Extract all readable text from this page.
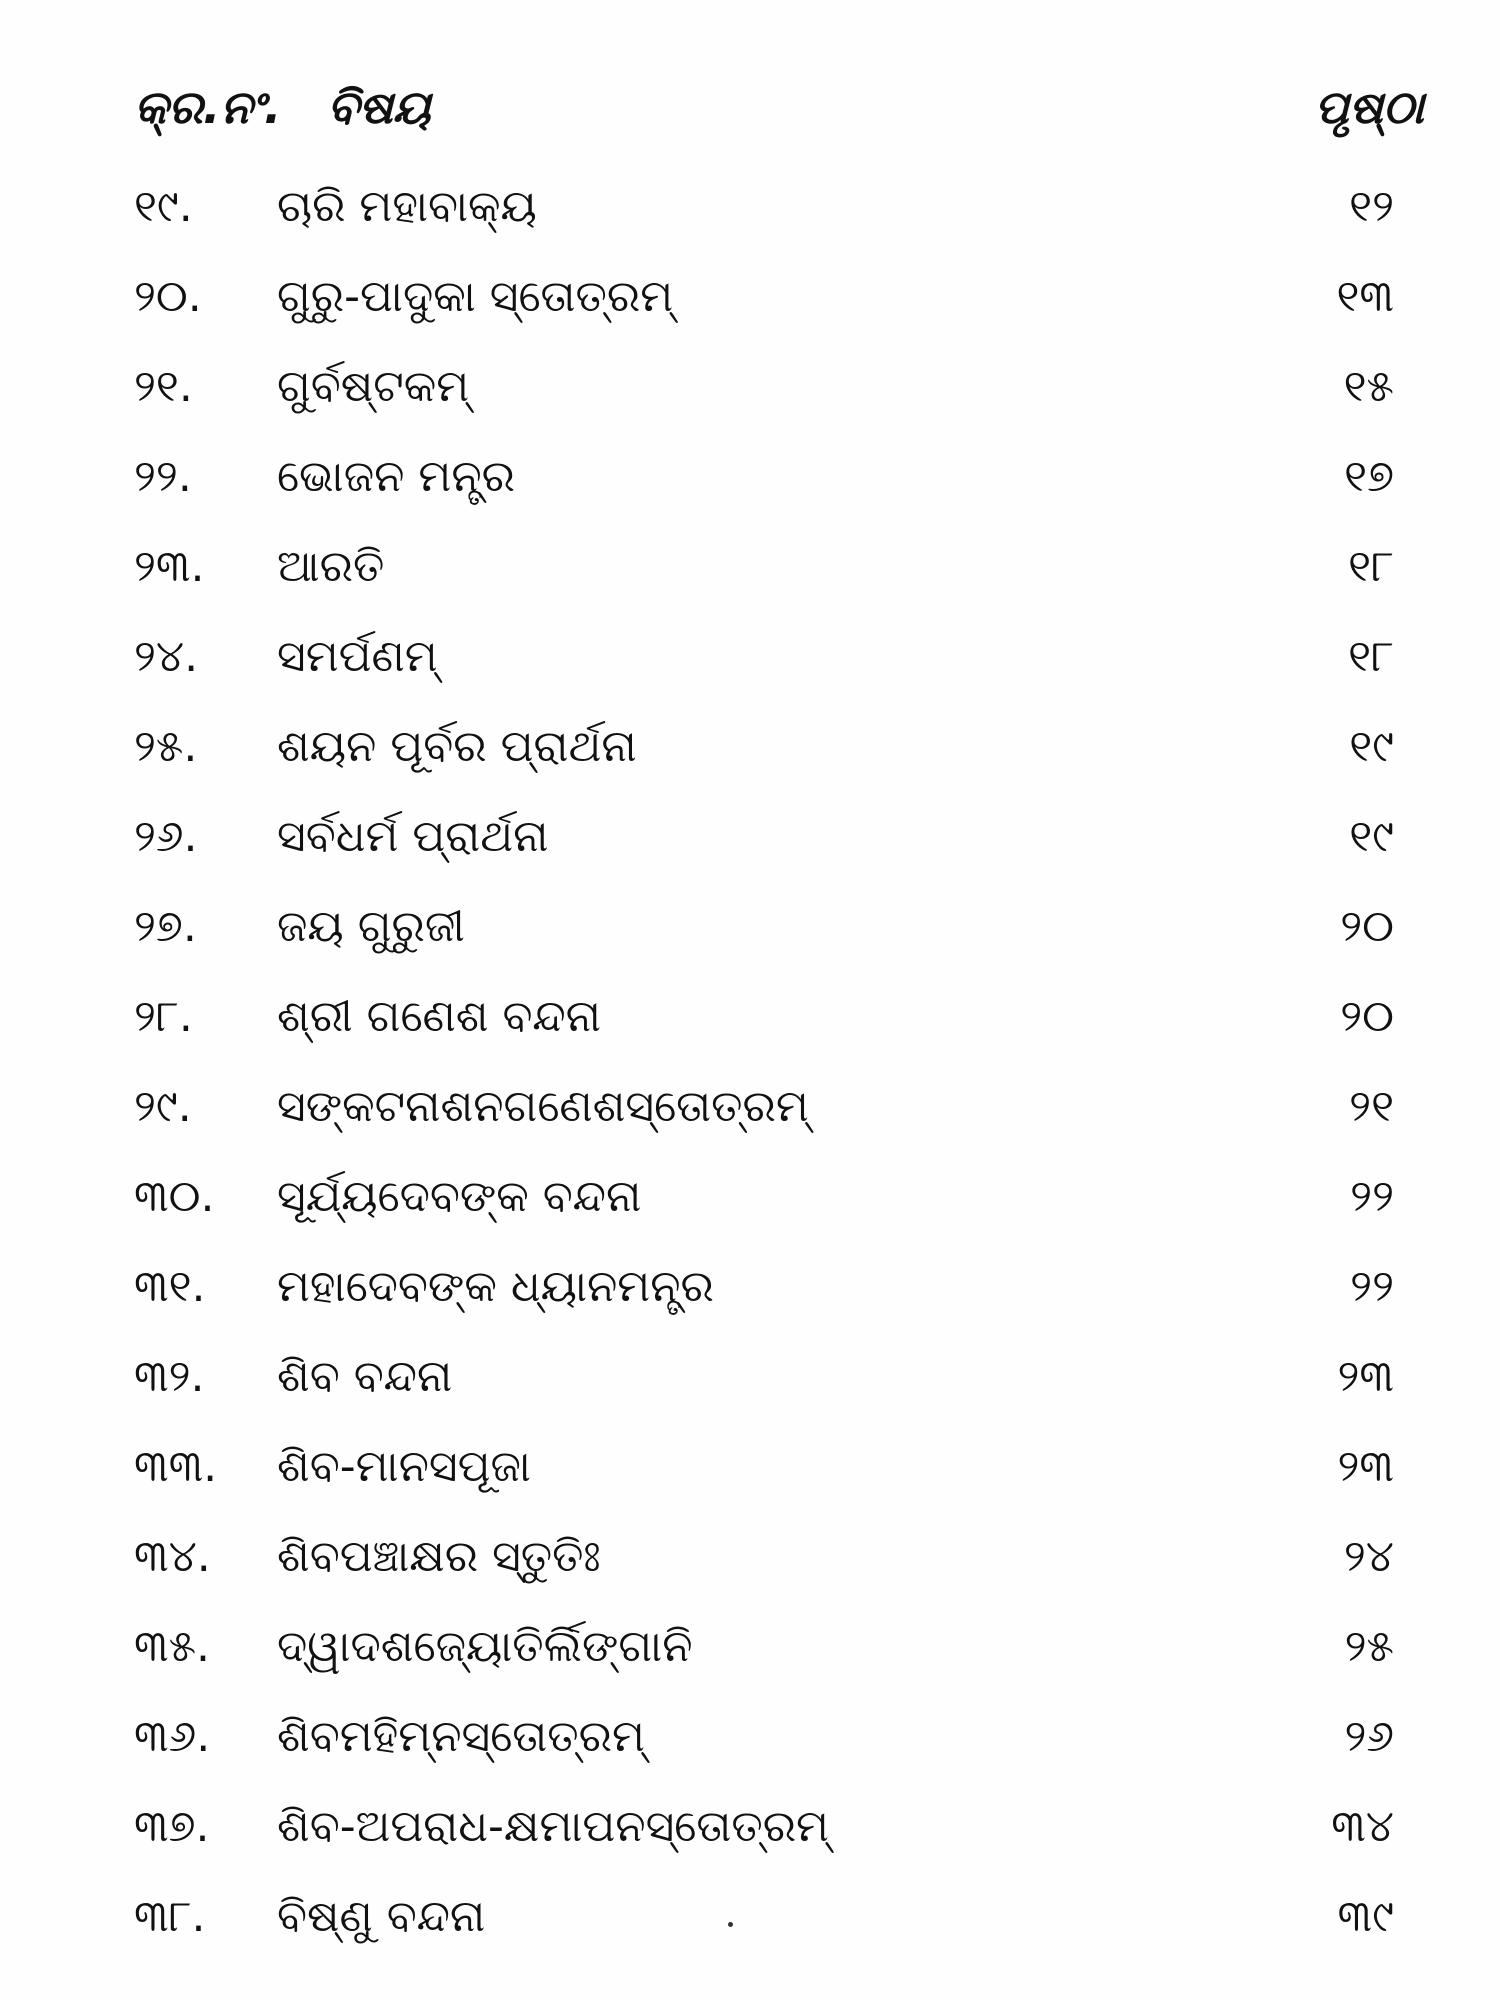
କ୍ର.ନଂ. ବିଷୟ	ପୃଷ୍ଠା
୧୯.	ଚାରି ମହାବାକ୍ୟ	୧୨
୨୦.	ଗୁରୁ-ପାଦୁକା ସ୍ତୋତ୍ରମ୍	୧୩
୨୧.	ଗୁର୍ବଷ୍ଟକମ୍	୧୫
୨୨.	ଭୋଜନ ମନ୍ତ୍ର	୧୭
୨୩.	ଆରତି	୧୮
୨୪.	ସମର୍ପଣମ୍	୧୮
୨୫.	ଶୟନ ପୂର୍ବର ପ୍ରାର୍ଥନା	୧୯
୨୬.	ସର୍ବଧର୍ମ ପ୍ରାର୍ଥନା	୧୯
୨୭.	ଜୟ ଗୁରୁଜୀ	୨୦
୨୮.	ଶ୍ରୀ ଗଣେଶ ବନ୍ଦନା	୨୦
୨୯.	ସଙ୍କଟନାଶନଗଣେଶସ୍ତୋତ୍ରମ୍	୨୧
୩୦.	ସୂର୍ଯ୍ୟଦେବଙ୍କ ବନ୍ଦନା	୨୨
୩୧.	ମହାଦେବଙ୍କ ଧ୍ୟାନମନ୍ତ୍ର	୨୨
୩୨.	ଶିବ ବନ୍ଦନା	୨୩
୩୩.	ଶିବ-ମାନସପୂଜା	୨୩
୩୪.	ଶିବପଞ୍ଚାକ୍ଷର ସ୍ତୁତିଃ	୨୪
୩୫.	ଦ୍ୱାଦଶଜ୍ୟୋତିର୍ଲିଙ୍ଗାନି	୨୫
୩୬.	ଶିବମହିମ୍ନସ୍ତୋତ୍ରମ୍	୨୬
୩୭.	ଶିବ-ଅପରାଧ-କ୍ଷମାପନସ୍ତୋତ୍ରମ୍	୩୪
୩୮.	ବିଷ୍ଣୁ ବନ୍ଦନା	୩୯
